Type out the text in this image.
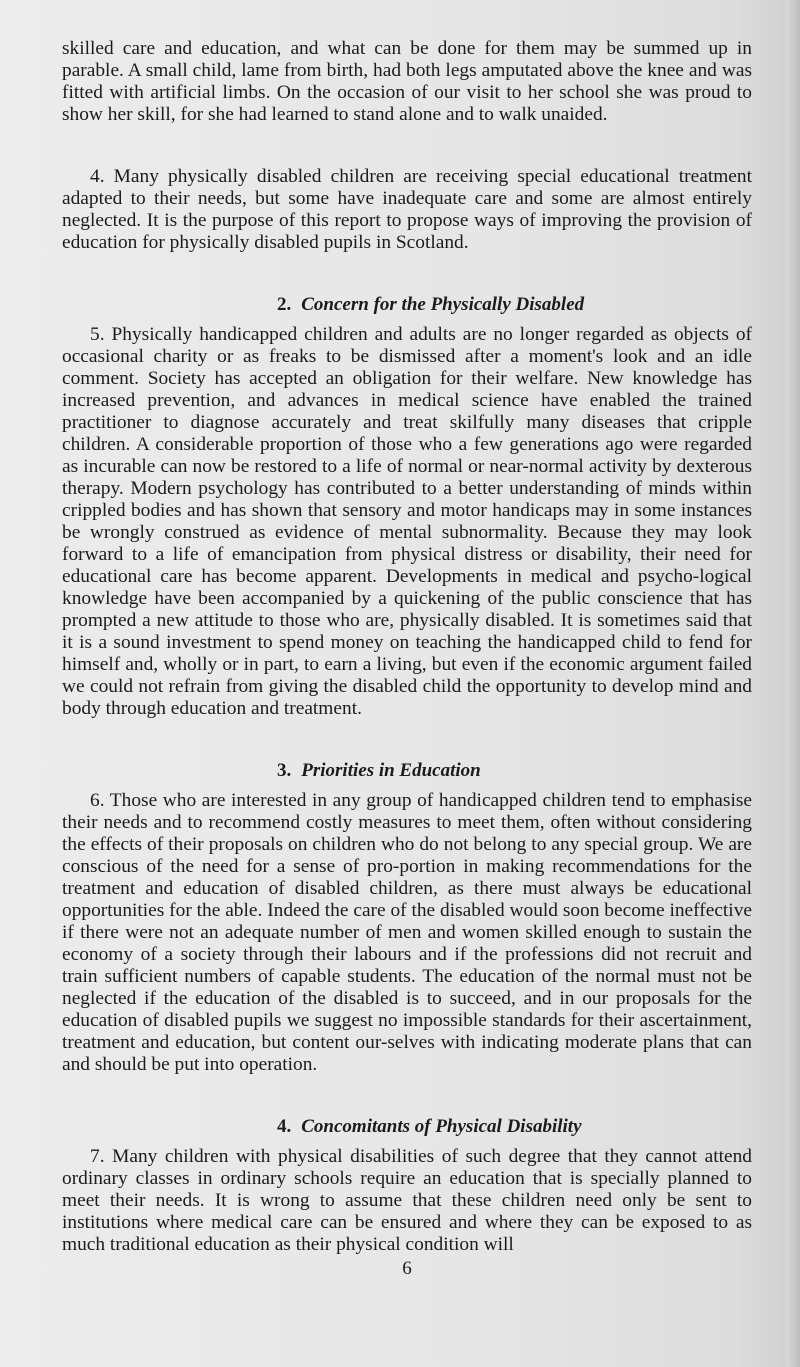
skilled care and education, and what can be done for them may be summed up in parable. A small child, lame from birth, had both legs amputated above the knee and was fitted with artificial limbs. On the occasion of our visit to her school she was proud to show her skill, for she had learned to stand alone and to walk unaided.

4. Many physically disabled children are receiving special educational treatment adapted to their needs, but some have inadequate care and some are almost entirely neglected. It is the purpose of this report to propose ways of improving the provision of education for physically disabled pupils in Scotland.

2. Concern for the Physically Disabled

5. Physically handicapped children and adults are no longer regarded as objects of occasional charity or as freaks to be dismissed after a moment's look and an idle comment. Society has accepted an obligation for their welfare. New knowledge has increased prevention, and advances in medical science have enabled the trained practitioner to diagnose accurately and treat skilfully many diseases that cripple children. A considerable proportion of those who a few generations ago were regarded as incurable can now be restored to a life of normal or near-normal activity by dexterous therapy. Modern psychology has contributed to a better understanding of minds within crippled bodies and has shown that sensory and motor handicaps may in some instances be wrongly construed as evidence of mental subnormality. Because they may look forward to a life of emancipation from physical distress or disability, their need for educational care has become apparent. Developments in medical and psycho-logical knowledge have been accompanied by a quickening of the public conscience that has prompted a new attitude to those who are, physically disabled. It is sometimes said that it is a sound investment to spend money on teaching the handicapped child to fend for himself and, wholly or in part, to earn a living, but even if the economic argument failed we could not refrain from giving the disabled child the opportunity to develop mind and body through education and treatment.

3. Priorities in Education

6. Those who are interested in any group of handicapped children tend to emphasise their needs and to recommend costly measures to meet them, often without considering the effects of their proposals on children who do not belong to any special group. We are conscious of the need for a sense of pro-portion in making recommendations for the treatment and education of disabled children, as there must always be educational opportunities for the able. Indeed the care of the disabled would soon become ineffective if there were not an adequate number of men and women skilled enough to sustain the economy of a society through their labours and if the professions did not recruit and train sufficient numbers of capable students. The education of the normal must not be neglected if the education of the disabled is to succeed, and in our proposals for the education of disabled pupils we suggest no impossible standards for their ascertainment, treatment and education, but content our-selves with indicating moderate plans that can and should be put into operation.

4. Concomitants of Physical Disability

7. Many children with physical disabilities of such degree that they cannot attend ordinary classes in ordinary schools require an education that is specially planned to meet their needs. It is wrong to assume that these children need only be sent to institutions where medical care can be ensured and where they can be exposed to as much traditional education as their physical condition will

6
